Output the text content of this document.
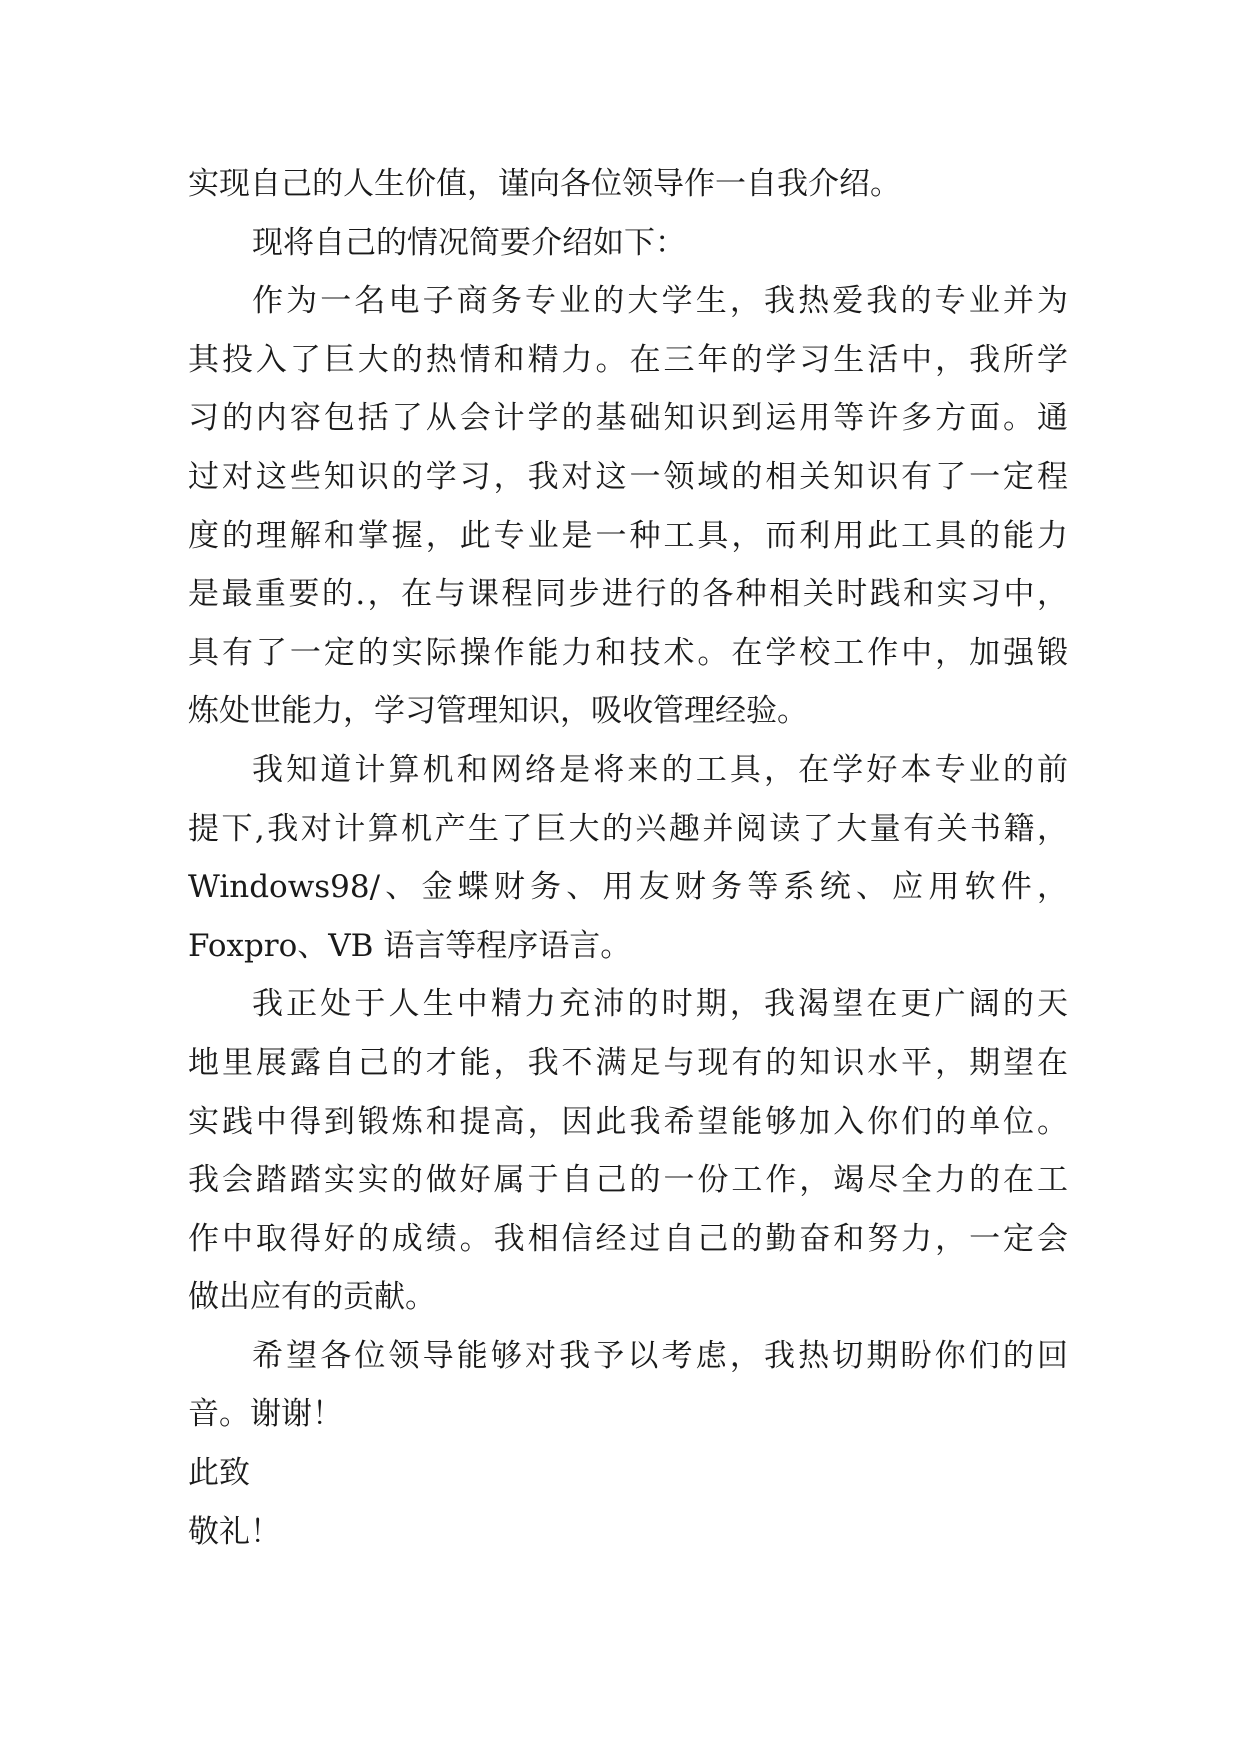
实现自己的人生价值，谨向各位领导作一自我介绍。
现将自己的情况简要介绍如下：
作为一名电子商务专业的大学生，我热爱我的专业并为
其投入了巨大的热情和精力。在三年的学习生活中，我所学
习的内容包括了从会计学的基础知识到运用等许多方面。通
过对这些知识的学习，我对这一领域的相关知识有了一定程
度的理解和掌握，此专业是一种工具，而利用此工具的能力
是最重要的.，在与课程同步进行的各种相关时践和实习中，
具有了一定的实际操作能力和技术。在学校工作中，加强锻
炼处世能力，学习管理知识，吸收管理经验。
我知道计算机和网络是将来的工具，在学好本专业的前
提下,我对计算机产生了巨大的兴趣并阅读了大量有关书籍，
Windows98/、金蝶财务、用友财务等系统、应用软件，
Foxpro、VB 语言等程序语言。
我正处于人生中精力充沛的时期，我渴望在更广阔的天
地里展露自己的才能，我不满足与现有的知识水平，期望在
实践中得到锻炼和提高，因此我希望能够加入你们的单位。
我会踏踏实实的做好属于自己的一份工作，竭尽全力的在工
作中取得好的成绩。我相信经过自己的勤奋和努力，一定会
做出应有的贡献。
希望各位领导能够对我予以考虑，我热切期盼你们的回
音。谢谢！
此致
敬礼！
